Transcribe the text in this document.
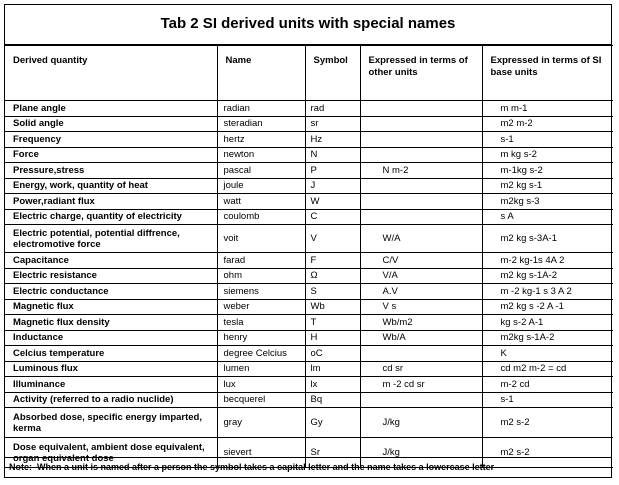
Tab 2 SI derived units with special names
Derived quantity	Name	Symbol	Expressed in terms of other units	Expressed in terms of SI base units
Plane angle	radian	rad		m m-1
Solid angle	steradian	sr		m2 m-2
Frequency	hertz	Hz		s-1
Force	newton	N		m kg s-2
Pressure,stress	pascal	P	N m-2	m-1kg s-2
Energy, work, quantity of heat	joule	J		m2 kg s-1
Power,radiant flux	watt	W		m2kg s-3
Electric charge, quantity of electricity	coulomb	C		s A
Electric potential, potential diffrence, electromotive force	voit	V	W/A	m2 kg s-3A-1
Capacitance	farad	F	C/V	m-2 kg-1s 4A 2
Electric resistance	ohm	Ω	V/A	m2 kg s-1A-2
Electric conductance	siemens	S	A.V	m -2 kg-1 s 3 A 2
Magnetic flux	weber	Wb	V s	m2 kg s -2 A -1
Magnetic flux density	tesla	T	Wb/m2	kg s-2 A-1
Inductance	henry	H	Wb/A	m2kg s-1A-2
Celcius temperature	degree Celcius	oC		K
Luminous flux	lumen	lm	cd sr	cd m2 m-2 = cd
Illuminance	lux	lx	m -2 cd sr	m-2 cd
Activity (referred to a radio nuclide)	becquerel	Bq		s-1
Absorbed dose, specific energy imparted, kerma	gray	Gy	J/kg	m2 s-2
Dose equivalent, ambient dose equivalent, organ equivalent dose	sievert	Sr	J/kg	m2 s-2
Note: When a unit is named after a person the symbol takes a capital letter and the name takes a lowercase letter
